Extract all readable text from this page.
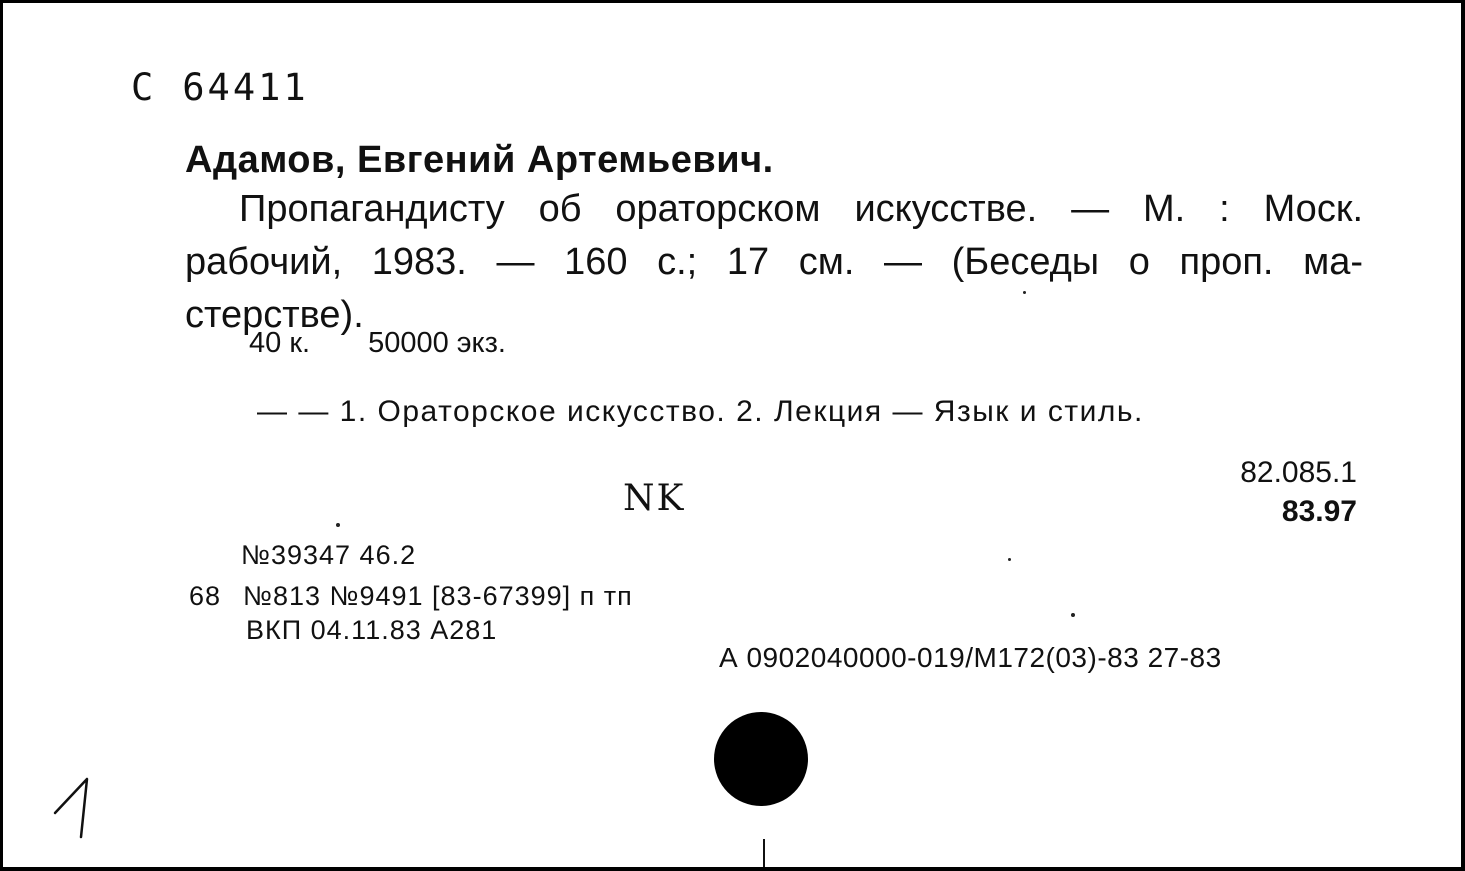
С 64411
Адамов, Евгений Артемьевич.
Пропагандисту об ораторском искусстве. — М. : Моск.
рабочий, 1983. — 160 с.; 17 см. — (Беседы о проп. ма-
стерстве).
40 к. 50000 экз.
— — 1. Ораторское искусство. 2. Лекция — Язык и стиль.
NK
82.085.1
83.97
№39347 46.2
68 №813 №9491 [83-67399] п тп
ВКП 04.11.83 А281
А 0902040000-019/М172(03)-83 27-83
